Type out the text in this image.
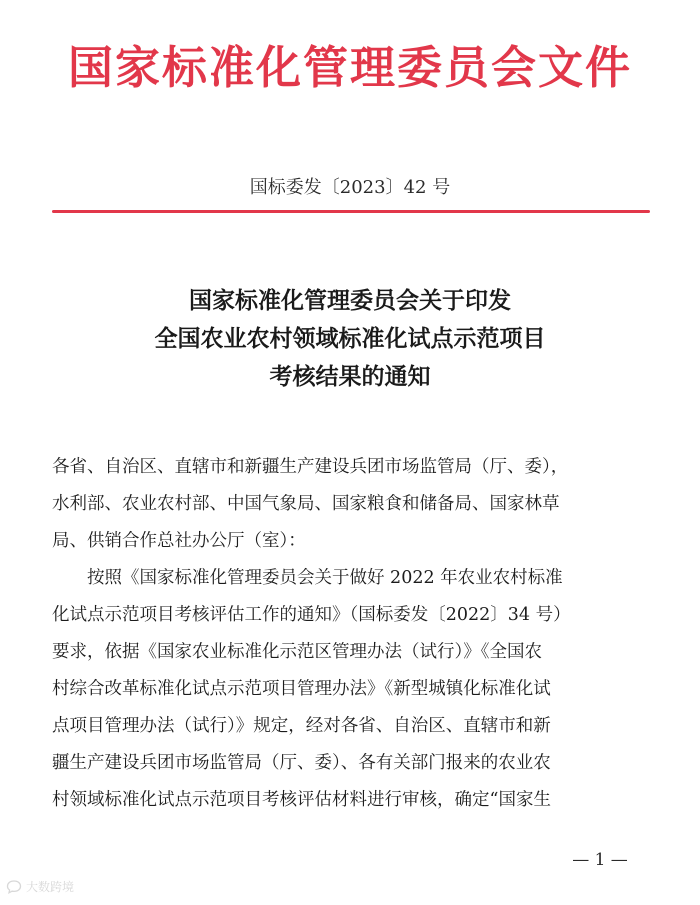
国家标准化管理委员会文件
国标委发〔2023〕42 号
国家标准化管理委员会关于印发
全国农业农村领域标准化试点示范项目
考核结果的通知
各省、自治区、直辖市和新疆生产建设兵团市场监管局（厅、委），
水利部、农业农村部、中国气象局、国家粮食和储备局、国家林草
局、供销合作总社办公厅（室）：
　　按照《国家标准化管理委员会关于做好 2022 年农业农村标准
化试点示范项目考核评估工作的通知》（国标委发〔2022〕34 号）
要求，依据《国家农业标准化示范区管理办法（试行）》《全国农
村综合改革标准化试点示范项目管理办法》《新型城镇化标准化试
点项目管理办法（试行）》规定，经对各省、自治区、直辖市和新
疆生产建设兵团市场监管局（厅、委）、各有关部门报来的农业农
村领域标准化试点示范项目考核评估材料进行审核，确定“国家生
— 1 —
大数跨境
